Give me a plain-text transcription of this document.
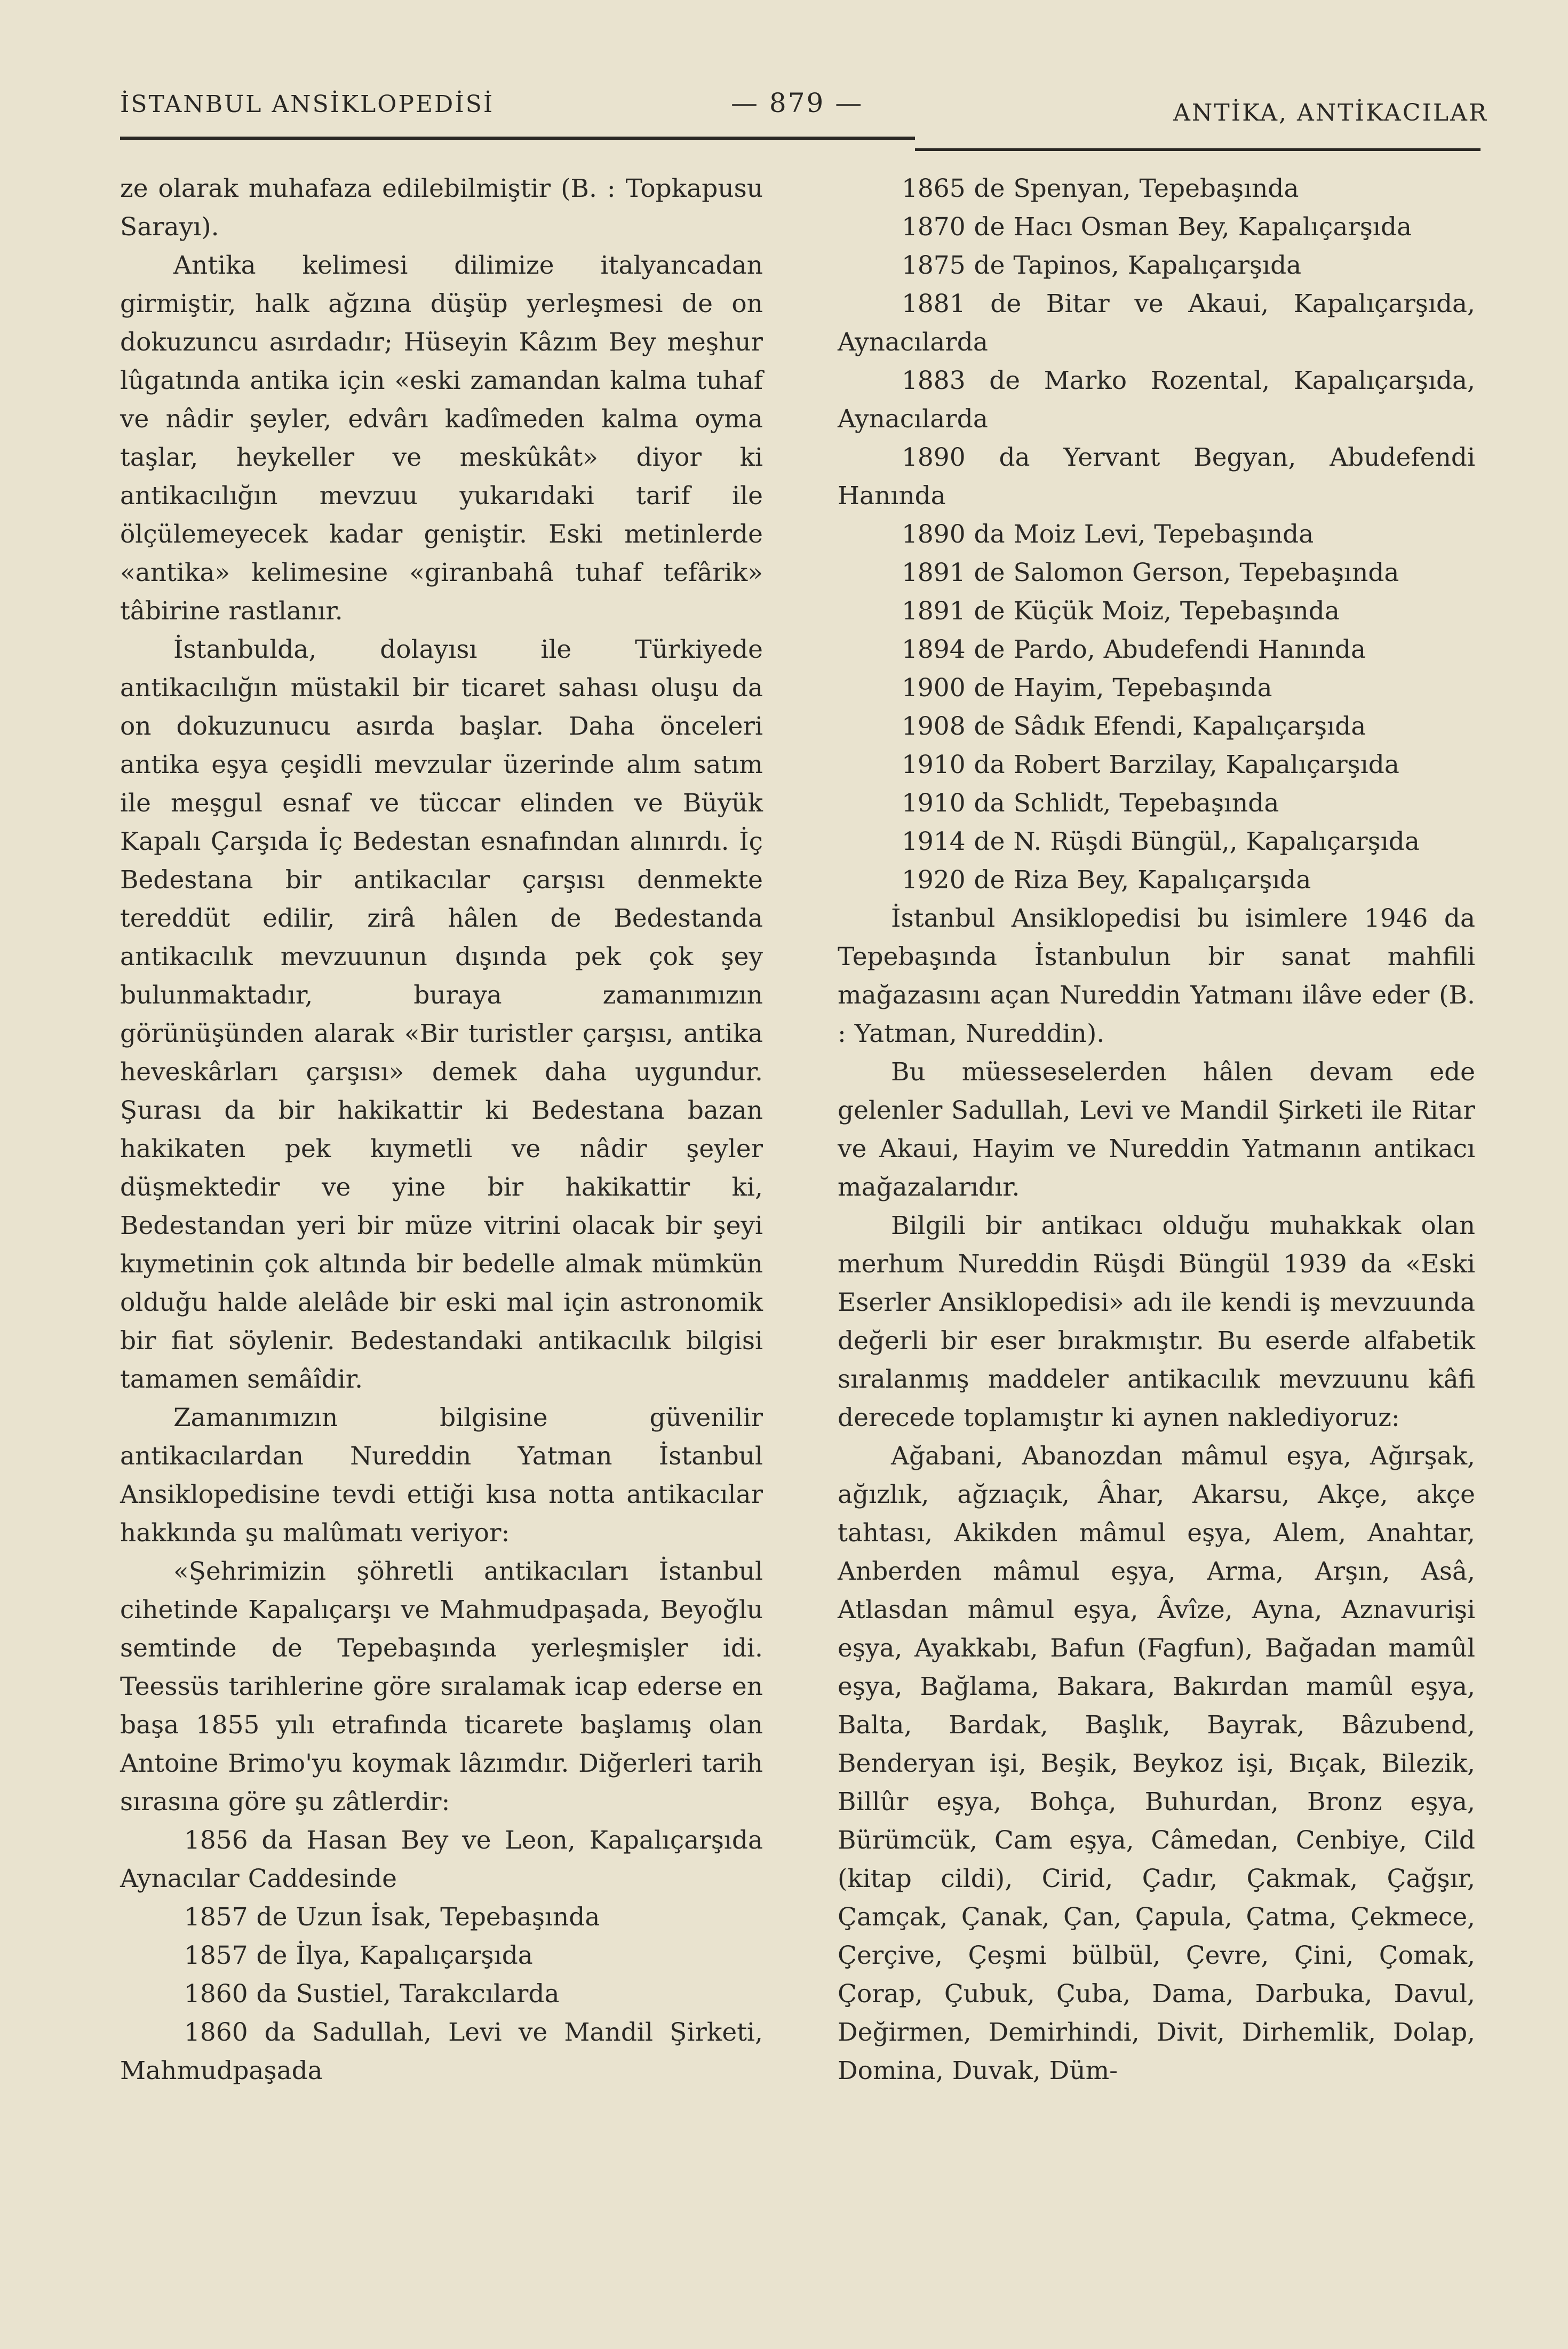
İSTANBUL ANSİKLOPEDİSİ	— 879 —	ANTİKA, ANTİKACILAR

ze olarak muhafaza edilebilmiştir (B. : Topkapusu Sarayı).

Antika kelimesi dilimize italyancadan girmiştir, halk ağzına düşüp yerleşmesi de on dokuzuncu asırdadır; Hüseyin Kâzım Bey meşhur lûgatında antika için «eski zamandan kalma tuhaf ve nâdir şeyler, edvârı kadîmeden kalma oyma taşlar, heykeller ve meskûkât» diyor ki antikacılığın mevzuu yukarıdaki tarif ile ölçülemeyecek kadar geniştir. Eski metinlerde «antika» kelimesine «giranbahâ tuhaf tefârik» tâbirine rastlanır.

İstanbulda, dolayısı ile Türkiyede antikacılığın müstakil bir ticaret sahası oluşu da on dokuzunucu asırda başlar. Daha önceleri antika eşya çeşidli mevzular üzerinde alım satım ile meşgul esnaf ve tüccar elinden ve Büyük Kapalı Çarşıda İç Bedestan esnafından alınırdı. İç Bedestana bir antikacılar çarşısı denmekte tereddüt edilir, zirâ hâlen de Bedestanda antikacılık mevzuunun dışında pek çok şey bulunmaktadır, buraya zamanımızın görünüşünden alarak «Bir turistler çarşısı, antika heveskârları çarşısı» demek daha uygundur. Şurası da bir hakikattir ki Bedestana bazan hakikaten pek kıymetli ve nâdir şeyler düşmektedir ve yine bir hakikattir ki, Bedestandan yeri bir müze vitrini olacak bir şeyi kıymetinin çok altında bir bedelle almak mümkün olduğu halde alelâde bir eski mal için astronomik bir fiat söylenir. Bedestandaki antikacılık bilgisi tamamen semâîdir.

Zamanımızın bilgisine güvenilir antikacılardan Nureddin Yatman İstanbul Ansiklopedisine tevdi ettiği kısa notta antikacılar hakkında şu malûmatı veriyor:

«Şehrimizin şöhretli antikacıları İstanbul cihetinde Kapalıçarşı ve Mahmudpaşada, Beyoğlu semtinde de Tepebaşında yerleşmişler idi. Teessüs tarihlerine göre sıralamak icap ederse en başa 1855 yılı etrafında ticarete başlamış olan Antoine Brimo'yu koymak lâzımdır. Diğerleri tarih sırasına göre şu zâtlerdir:

1856 da Hasan Bey ve Leon, Kapalıçarşıda Aynacılar Caddesinde

1857 de Uzun İsak, Tepebaşında

1857 de İlya, Kapalıçarşıda

1860 da Sustiel, Tarakcılarda

1860 da Sadullah, Levi ve Mandil Şirketi, Mahmudpaşada

1865 de Spenyan, Tepebaşında

1870 de Hacı Osman Bey, Kapalıçarşıda

1875 de Tapinos, Kapalıçarşıda

1881 de Bitar ve Akaui, Kapalıçarşıda, Aynacılarda

1883 de Marko Rozental, Kapalıçarşıda, Aynacılarda

1890 da Yervant Begyan, Abudefendi Hanında

1890 da Moiz Levi, Tepebaşında

1891 de Salomon Gerson, Tepebaşında

1891 de Küçük Moiz, Tepebaşında

1894 de Pardo, Abudefendi Hanında

1900 de Hayim, Tepebaşında

1908 de Sâdık Efendi, Kapalıçarşıda

1910 da Robert Barzilay, Kapalıçarşıda

1910 da Schlidt, Tepebaşında

1914 de N. Rüşdi Büngül,, Kapalıçarşıda

1920 de Riza Bey, Kapalıçarşıda

İstanbul Ansiklopedisi bu isimlere 1946 da Tepebaşında İstanbulun bir sanat mahfili mağazasını açan Nureddin Yatmanı ilâve eder (B. : Yatman, Nureddin).

Bu müesseselerden hâlen devam ede gelenler Sadullah, Levi ve Mandil Şirketi ile Ritar ve Akaui, Hayim ve Nureddin Yatmanın antikacı mağazalarıdır.

Bilgili bir antikacı olduğu muhakkak olan merhum Nureddin Rüşdi Büngül 1939 da «Eski Eserler Ansiklopedisi» adı ile kendi iş mevzuunda değerli bir eser bırakmıştır. Bu eserde alfabetik sıralanmış maddeler antikacılık mevzuunu kâfi derecede toplamıştır ki aynen naklediyoruz:

Ağabani, Abanozdan mâmul eşya, Ağırşak, ağızlık, ağzıaçık, Âhar, Akarsu, Akçe, akçe tahtası, Akikden mâmul eşya, Alem, Anahtar, Anberden mâmul eşya, Arma, Arşın, Asâ, Atlasdan mâmul eşya, Âvîze, Ayna, Aznavurişi eşya, Ayakkabı, Bafun (Fagfun), Bağadan mamûl eşya, Bağlama, Bakara, Bakırdan mamûl eşya, Balta, Bardak, Başlık, Bayrak, Bâzubend, Benderyan işi, Beşik, Beykoz işi, Bıçak, Bilezik, Billûr eşya, Bohça, Buhurdan, Bronz eşya, Bürümcük, Cam eşya, Câmedan, Cenbiye, Cild (kitap cildi), Cirid, Çadır, Çakmak, Çağşır, Çamçak, Çanak, Çan, Çapula, Çatma, Çekmece, Çerçive, Çeşmi bülbül, Çevre, Çini, Çomak, Çorap, Çubuk, Çuba, Dama, Darbuka, Davul, Değirmen, Demirhindi, Divit, Dirhemlik, Dolap, Domina, Duvak, Düm-
